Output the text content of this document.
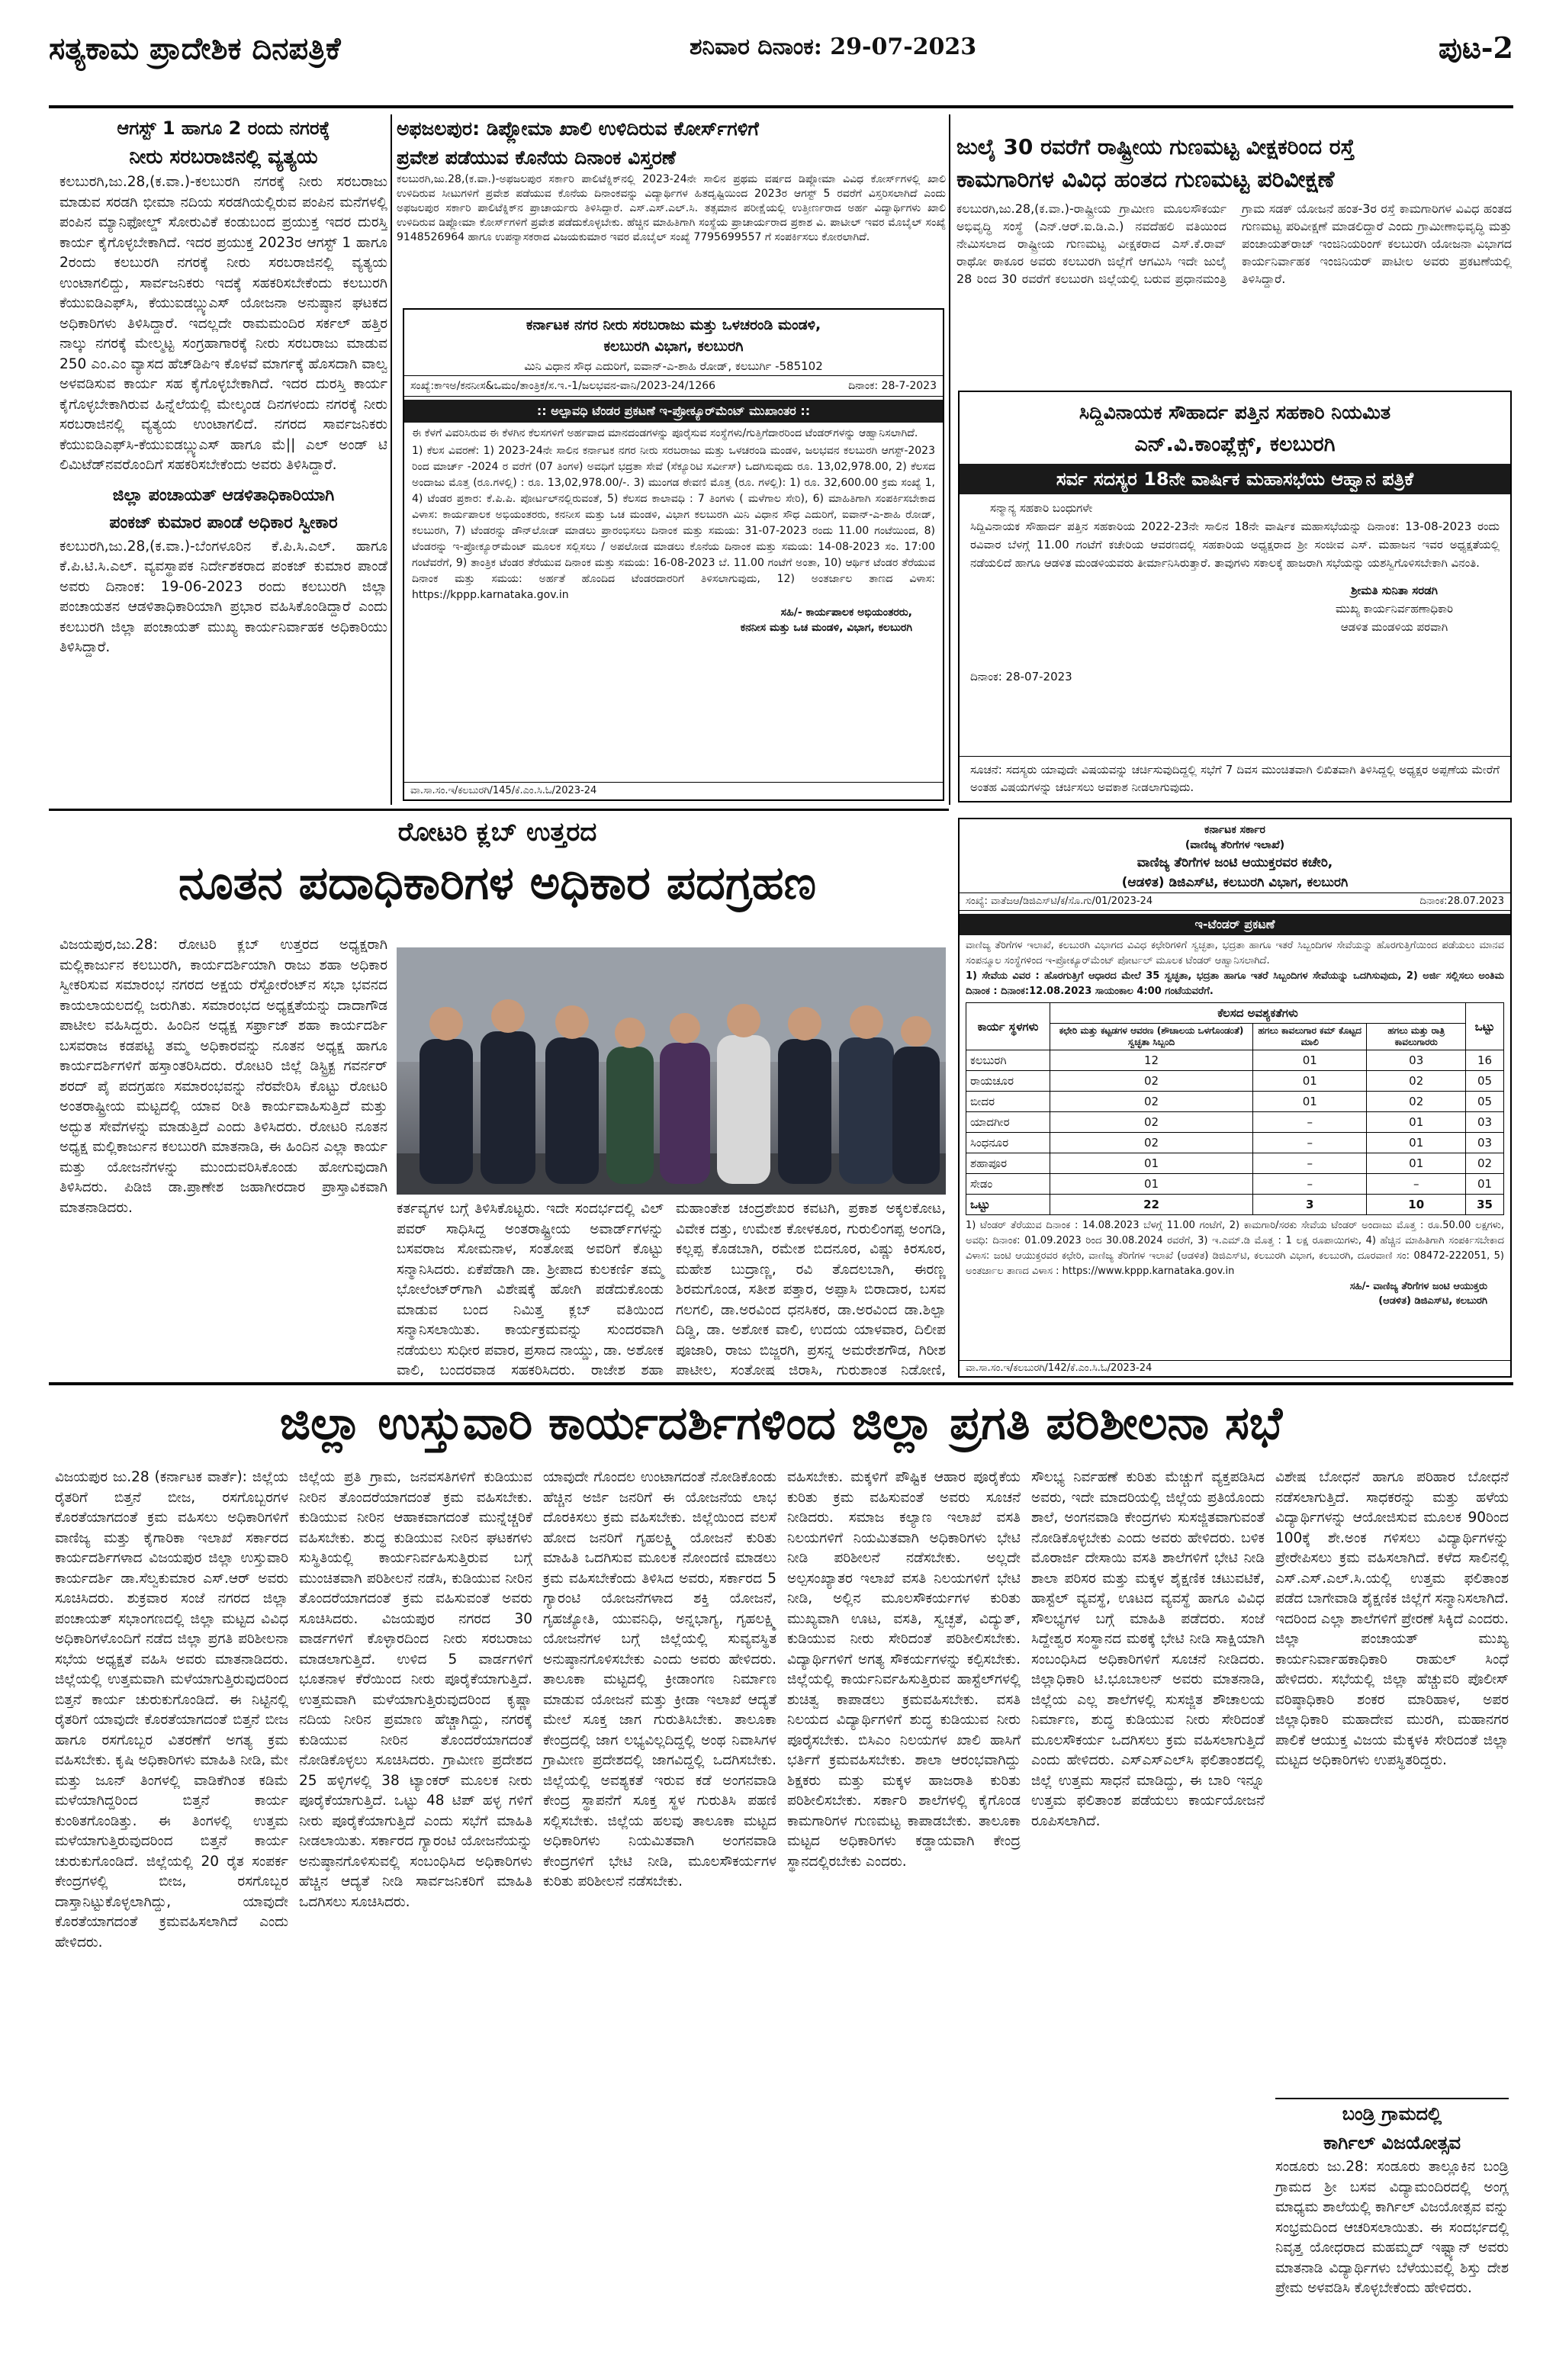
ಸತ್ಯಕಾಮ ಪ್ರಾದೇಶಿಕ ದಿನಪತ್ರಿಕೆ	ಶನಿವಾರ ದಿನಾಂಕ: 29-07-2023	ಪುಟ-2
ಆಗಸ್ಟ್ 1 ಹಾಗೂ 2 ರಂದು ನಗರಕ್ಕೆ
ನೀರು ಸರಬರಾಜಿನಲ್ಲಿ ವ್ಯತ್ಯಯ
ಕಲಬುರಗಿ,ಜು.28,(ಕ.ವಾ.)-ಕಲಬುರಗಿ ನಗರಕ್ಕೆ ನೀರು ಸರಬರಾಜು ಮಾಡುವ ಸರಡಗಿ ಭೀಮಾ ನದಿಯ ಸರಡಗಿಯಲ್ಲಿರುವ ಪಂಪಿನ ಮನೆಗಳಲ್ಲಿ ಪಂಪಿನ ಮ್ಯಾನಿಫೋಲ್ಡ್ ಸೋರುವಿಕೆ ಕಂಡುಬಂದ ಪ್ರಯುಕ್ತ ಇದರ ದುರಸ್ತಿ ಕಾರ್ಯ ಕೈಗೊಳ್ಳಬೇಕಾಗಿದೆ. ಇದರ ಪ್ರಯುಕ್ತ 2023ರ ಆಗಸ್ಟ್ 1 ಹಾಗೂ 2ರಂದು ಕಲಬುರಗಿ ನಗರಕ್ಕೆ ನೀರು ಸರಬರಾಜಿನಲ್ಲಿ ವ್ಯತ್ಯಯ ಉಂಟಾಗಲಿದ್ದು, ಸಾರ್ವಜನಿಕರು ಇದಕ್ಕೆ ಸಹಕರಿಸಬೇಕೆಂದು ಕಲಬುರಗಿ ಕೆಯುಐಡಿಎಫ್‌ಸಿ, ಕೆಯುಐಡಬ್ಲ್ಯುಎಸ್ ಯೋಜನಾ ಅನುಷ್ಠಾನ ಘಟಕದ ಅಧಿಕಾರಿಗಳು ತಿಳಿಸಿದ್ದಾರೆ. ಇದಲ್ಲದೇ ರಾಮಮಂದಿರ ಸರ್ಕಲ್ ಹತ್ತಿರ ನಾಲ್ಕು ನಗರಕ್ಕೆ ಮೇಲ್ಮಟ್ಟ ಸಂಗ್ರಹಾಗಾರಕ್ಕೆ ನೀರು ಸರಬರಾಜು ಮಾಡುವ 250 ಎಂ.ಎಂ ವ್ಯಾಸದ ಹೆಚ್‌ಡಿಪಿಇ ಕೊಳವೆ ಮಾರ್ಗಕ್ಕೆ ಹೊಸದಾಗಿ ವಾಲ್ವ ಅಳವಡಿಸುವ ಕಾರ್ಯ ಸಹ ಕೈಗೊಳ್ಳಬೇಕಾಗಿದೆ. ಇದರ ದುರಸ್ತಿ ಕಾರ್ಯ ಕೈಗೊಳ್ಳಬೇಕಾಗಿರುವ ಹಿನ್ನೆಲೆಯಲ್ಲಿ ಮೇಲ್ಕಂಡ ದಿನಗಳಂದು ನಗರಕ್ಕೆ ನೀರು ಸರಬರಾಜಿನಲ್ಲಿ ವ್ಯತ್ಯಯ ಉಂಟಾಗಲಿದೆ. ನಗರದ ಸಾರ್ವಜನಿಕರು ಕೆಯುಐಡಿಎಫ್‌ಸಿ-ಕೆಯುಐಡಬ್ಲ್ಯುಎಸ್ ಹಾಗೂ ಮೆ|| ಎಲ್ ಅಂಡ್ ಟಿ ಲಿಮಿಟೆಡ್‌ನವರೊಂದಿಗೆ ಸಹಕರಿಸಬೇಕೆಂದು ಅವರು ತಿಳಿಸಿದ್ದಾರೆ.
ಜಿಲ್ಲಾ ಪಂಚಾಯತ್ ಆಡಳಿತಾಧಿಕಾರಿಯಾಗಿ
ಪಂಕಜ್ ಕುಮಾರ ಪಾಂಡೆ ಅಧಿಕಾರ ಸ್ವೀಕಾರ
ಕಲಬುರಗಿ,ಜು.28,(ಕ.ವಾ.)-ಬೆಂಗಳೂರಿನ ಕೆ.ಪಿ.ಸಿ.ಎಲ್. ಹಾಗೂ ಕೆ.ಪಿ.ಟಿ.ಸಿ.ಎಲ್. ವ್ಯವಸ್ಥಾಪಕ ನಿರ್ದೇಶಕರಾದ ಪಂಕಜ್ ಕುಮಾರ ಪಾಂಡೆ ಅವರು ದಿನಾಂಕ: 19-06-2023 ರಂದು ಕಲಬುರಗಿ ಜಿಲ್ಲಾ ಪಂಚಾಯತನ ಆಡಳಿತಾಧಿಕಾರಿಯಾಗಿ ಪ್ರಭಾರ ವಹಿಸಿಕೊಂಡಿದ್ದಾರೆ ಎಂದು ಕಲಬುರಗಿ ಜಿಲ್ಲಾ ಪಂಚಾಯತ್ ಮುಖ್ಯ ಕಾರ್ಯನಿರ್ವಾಹಕ ಅಧಿಕಾರಿಯು ತಿಳಿಸಿದ್ದಾರೆ.
ಅಫಜಲಪುರ: ಡಿಪ್ಲೋಮಾ ಖಾಲಿ ಉಳಿದಿರುವ ಕೋರ್ಸ್‌ಗಳಿಗೆ
ಪ್ರವೇಶ ಪಡೆಯುವ ಕೊನೆಯ ದಿನಾಂಕ ವಿಸ್ತರಣೆ
ಕಲಬುರಗಿ,ಜು.28,(ಕ.ವಾ.)-ಅಫಜಲಪುರ ಸರ್ಕಾರಿ ಪಾಲಿಟೆಕ್ನಿಕ್‌ನಲ್ಲಿ 2023-24ನೇ ಸಾಲಿನ ಪ್ರಥಮ ವರ್ಷದ ಡಿಪ್ಲೋಮಾ ವಿವಿಧ ಕೋರ್ಸ್‌ಗಳಲ್ಲಿ ಖಾಲಿ ಉಳಿದಿರುವ ಸೀಟುಗಳಿಗೆ ಪ್ರವೇಶ ಪಡೆಯುವ ಕೊನೆಯ ದಿನಾಂಕವನ್ನು ವಿದ್ಯಾರ್ಥಿಗಳ ಹಿತದೃಷ್ಟಿಯಿಂದ 2023ರ ಆಗಸ್ಟ್ 5 ರವರೆಗೆ ವಿಸ್ತರಿಸಲಾಗಿದೆ ಎಂದು ಅಫಜಲಪುರ ಸರ್ಕಾರಿ ಪಾಲಿಟೆಕ್ನಿಕ್‌ನ ಪ್ರಾಚಾರ್ಯರು ತಿಳಿಸಿದ್ದಾರೆ. ಎಸ್.ಎಸ್.ಎಲ್.ಸಿ. ತತ್ಸಮಾನ ಪರೀಕ್ಷೆಯಲ್ಲಿ ಉತ್ತೀರ್ಣರಾದ ಅರ್ಹ ವಿದ್ಯಾರ್ಥಿಗಳು ಖಾಲಿ ಉಳಿದಿರುವ ಡಿಪ್ಲೋಮಾ ಕೋರ್ಸ್‌ಗಳಿಗೆ ಪ್ರವೇಶ ಪಡೆದುಕೊಳ್ಳಬೇಕು. ಹೆಚ್ಚಿನ ಮಾಹಿತಿಗಾಗಿ ಸಂಸ್ಥೆಯ ಪ್ರಾಚಾರ್ಯರಾದ ಪ್ರಕಾಶ ವಿ. ಪಾಟೀಲ್ ಇವರ ಮೊಬೈಲ್ ಸಂಖ್ಯೆ 9148526964 ಹಾಗೂ ಉಪನ್ಯಾಸಕರಾದ ವಿಜಯಕುಮಾರ ಇವರ ಮೊಬೈಲ್ ಸಂಖ್ಯೆ 7795699557 ಗೆ ಸಂಪರ್ಕಿಸಲು ಕೋರಲಾಗಿದೆ.
ಕರ್ನಾಟಕ ನಗರ ನೀರು ಸರಬರಾಜು ಮತ್ತು ಒಳಚರಂಡಿ ಮಂಡಳಿ,
ಕಲಬುರಗಿ ವಿಭಾಗ, ಕಲಬುರಗಿ
ಮಿನಿ ವಿಧಾನ ಸೌಧ ಎದುರಿಗೆ, ಐವಾನ್-ಎ-ಶಾಹಿ ರೋಡ್, ಕಲಬುರ್ಗಿ -585102
ಸಂಖ್ಯೆ:ಕಾಇಅ/ಕನನೀಸ&ಒಮಂ/ತಾಂತ್ರಿಕ/ಸ.ಇ.-1/ಜಲಭವನ-ವಾನಿ/2023-24/1266	ದಿನಾಂಕ: 28-7-2023
:: ಅಲ್ಪಾವಧಿ ಟೆಂಡರ ಪ್ರಕಟಣೆ ಇ-ಪ್ರೋಕ್ಯೂರ್‌ಮೆಂಟ್ ಮುಖಾಂತರ ::
ಈ ಕೆಳಗೆ ವಿವರಿಸಿರುವ ಈ ಕೆಳಗಿನ ಕೆಲಸಗಳಿಗೆ ಅರ್ಹವಾದ ಮಾನದಂಡಗಳನ್ನು ಪೂರೈಸುವ ಸಂಸ್ಥೆಗಳು/ಗುತ್ತಿಗೆದಾರರಿಂದ ಟೆಂಡರ್‌ಗಳನ್ನು ಆಹ್ವಾನಿಸಲಾಗಿದೆ.
1) ಕೆಲಸ ವಿವರಣೆ: 1) 2023-24ನೇ ಸಾಲಿನ ಕರ್ನಾಟಕ ನಗರ ನೀರು ಸರಬರಾಜು ಮತ್ತು ಒಳಚರಂಡಿ ಮಂಡಳಿ, ಜಲಭವನ ಕಲಬುರಗಿ ಆಗಸ್ಟ್-2023 ರಿಂದ ಮಾರ್ಚ್ -2024 ರ ವರೆಗೆ (07 ತಿಂಗಳ) ಅವಧಿಗೆ ಭದ್ರತಾ ಸೇವೆ (ಸೆಕ್ಯೂರಿಟಿ ಸರ್ವೀಸ್) ಒದಗಿಸುವುದು ರೂ. 13,02,978.00, 2) ಕೆಲಸದ ಅಂದಾಜು ಮೊತ್ತ (ರೂ.ಗಳಲ್ಲಿ) : ರೂ. 13,02,978.00/-. 3) ಮುಂಗಡ ಠೇವಣಿ ಮೊತ್ತ (ರೂ. ಗಳಲ್ಲಿ): 1) ರೂ. 32,600.00 ಕ್ರಮ ಸಂಖ್ಯೆ 1, 4) ಟೆಂಡರ ಪ್ರಕಾರ: ಕೆ.ಪಿ.ಪಿ. ಪೋರ್ಟಲ್‌ನಲ್ಲಿರುವಂತೆ, 5) ಕೆಲಸದ ಕಾಲಾವಧಿ : 7 ತಿಂಗಳು ( ಮಳೆಗಾಲ ಸೇರಿ), 6) ಮಾಹಿತಿಗಾಗಿ ಸಂಪರ್ಕಿಸಬೇಕಾದ ವಿಳಾಸ: ಕಾರ್ಯಪಾಲಕ ಅಭಿಯಂತರರು, ಕನನೀಸ ಮತ್ತು ಒಚ ಮಂಡಳಿ, ವಿಭಾಗ ಕಲಬುರಗಿ ಮಿನಿ ವಿಧಾನ ಸೌಧ ಎದುರಿಗೆ, ಐವಾನ್-ಎ-ಶಾಹಿ ರೋಡ್, ಕಲಬುರಗಿ, 7) ಟೆಂಡರನ್ನು ಡೌನ್‌ಲೋಡ್ ಮಾಡಲು ಪ್ರಾರಂಭಿಸಲು ದಿನಾಂಕ ಮತ್ತು ಸಮಯ: 31-07-2023 ರಂದು 11.00 ಗಂಟೆಯಿಂದ, 8) ಟೆಂಡರನ್ನು ಇ-ಪ್ರೋಕ್ಯೂರ್‌ಮೆಂಟ್ ಮೂಲಕ ಸಲ್ಲಿಸಲು / ಅಪಲೋಡ ಮಾಡಲು ಕೊನೆಯ ದಿನಾಂಕ ಮತ್ತು ಸಮಯ: 14-08-2023 ಸಂ. 17:00 ಗಂಟೆವರೆಗೆ, 9) ತಾಂತ್ರಿಕ ಟೆಂಡರ ತೆರೆಯುವ ದಿನಾಂಕ ಮತ್ತು ಸಮಯ: 16-08-2023 ಬೆ. 11.00 ಗಂಟೆಗೆ ಅಂತಾ, 10) ಆರ್ಥಿಕ ಟೆಂಡರ ತೆರೆಯುವ ದಿನಾಂಕ ಮತ್ತು ಸಮಯ: ಅರ್ಹತೆ ಹೊಂದಿದ ಟೆಂಡರದಾರರಿಗೆ ತಿಳಿಸಲಾಗುವುದು, 12) ಅಂತರ್ಜಾಲ ತಾಣದ ವಿಳಾಸ: https://kppp.karnataka.gov.in
ಸಹಿ/- ಕಾರ್ಯಪಾಲಕ ಅಭಿಯಂತರರು,
ಕನನೀಸ ಮತ್ತು ಒಚ ಮಂಡಳಿ, ವಿಭಾಗ, ಕಲಬುರಗಿ
ವಾ.ಸಾ.ಸಂ.ಇ/ಕಲಬುರಗಿ/145/ಕೆ.ಎಂ.ಸಿ.ಓ/2023-24
ಜುಲೈ 30 ರವರೆಗೆ ರಾಷ್ಟ್ರೀಯ ಗುಣಮಟ್ಟ ವೀಕ್ಷಕರಿಂದ ರಸ್ತೆ
ಕಾಮಗಾರಿಗಳ ವಿವಿಧ ಹಂತದ ಗುಣಮಟ್ಟ ಪರಿವೀಕ್ಷಣೆ
ಕಲಬುರಗಿ,ಜು.28,(ಕ.ವಾ.)-ರಾಷ್ಟ್ರೀಯ ಗ್ರಾಮೀಣ ಮೂಲಸೌಕರ್ಯ ಅಭಿವೃದ್ಧಿ ಸಂಸ್ಥೆ (ಎನ್.ಆರ್.ಐ.ಡಿ.ಎ.) ನವದೆಹಲಿ ವತಿಯಿಂದ ನೇಮಿಸಲಾದ ರಾಷ್ಟ್ರೀಯ ಗುಣಮಟ್ಟ ವೀಕ್ಷಕರಾದ ಎಸ್.ಕೆ.ರಾವ್ ರಾಥೋ ಠಾಕೂರ ಅವರು ಕಲಬುರಗಿ ಜಿಲ್ಲೆಗೆ ಆಗಮಿಸಿ ಇದೇ ಜುಲೈ 28 ರಿಂದ 30 ರವರೆಗೆ ಕಲಬುರಗಿ ಜಿಲ್ಲೆಯಲ್ಲಿ ಬರುವ ಪ್ರಧಾನಮಂತ್ರಿ ಗ್ರಾಮ ಸಡಕ್ ಯೋಜನೆ ಹಂತ-3ರ ರಸ್ತೆ ಕಾಮಗಾರಿಗಳ ವಿವಿಧ ಹಂತದ ಗುಣಮಟ್ಟ ಪರಿವೀಕ್ಷಣೆ ಮಾಡಲಿದ್ದಾರೆ ಎಂದು ಗ್ರಾಮೀಣಾಭಿವೃದ್ಧಿ ಮತ್ತು ಪಂಚಾಯತ್‌ರಾಜ್ ಇಂಜಿನಿಯರಿಂಗ್ ಕಲಬುರಗಿ ಯೋಜನಾ ವಿಭಾಗದ ಕಾರ್ಯನಿರ್ವಾಹಕ ಇಂಜಿನಿಯರ್ ಪಾಟೀಲ ಅವರು ಪ್ರಕಟಣೆಯಲ್ಲಿ ತಿಳಿಸಿದ್ದಾರೆ.
ಸಿದ್ದಿವಿನಾಯಕ ಸೌಹಾರ್ದ ಪತ್ತಿನ ಸಹಕಾರಿ ನಿಯಮಿತ
ಎನ್.ವಿ.ಕಾಂಪ್ಲೆಕ್ಸ್, ಕಲಬುರಗಿ
ಸರ್ವ ಸದಸ್ಯರ 18ನೇ ವಾರ್ಷಿಕ ಮಹಾಸಭೆಯ ಆಹ್ವಾನ ಪತ್ರಿಕೆ
ಸನ್ಮಾನ್ಯ ಸಹಕಾರಿ ಬಂಧುಗಳೇ
ಸಿದ್ದಿವಿನಾಯಕ ಸೌಹಾರ್ದ ಪತ್ತಿನ ಸಹಕಾರಿಯ 2022-23ನೇ ಸಾಲಿನ 18ನೇ ವಾರ್ಷಿಕ ಮಹಾಸಭೆಯನ್ನು ದಿನಾಂಕ: 13-08-2023 ರಂದು ರವಿವಾರ ಬೆಳಗ್ಗೆ 11.00 ಗಂಟೆಗೆ ಕಚೇರಿಯ ಆವರಣದಲ್ಲಿ ಸಹಕಾರಿಯ ಅಧ್ಯಕ್ಷರಾದ ಶ್ರೀ ಸಂಜೀವ ಎಸ್. ಮಹಾಜನ ಇವರ ಅಧ್ಯಕ್ಷತೆಯಲ್ಲಿ ನಡೆಯಲಿದೆ ಹಾಗೂ ಆಡಳಿತ ಮಂಡಳಿಯವರು ತೀರ್ಮಾನಿಸಿರುತ್ತಾರೆ. ತಾವುಗಳು ಸಕಾಲಕ್ಕೆ ಹಾಜರಾಗಿ ಸಭೆಯನ್ನು ಯಶಸ್ವಿಗೊಳಿಸಬೇಕಾಗಿ ವಿನಂತಿ.
ಶ್ರೀಮತಿ ಸುನಿತಾ ಸರಡಗಿ
ಮುಖ್ಯ ಕಾರ್ಯನಿರ್ವಹಣಾಧಿಕಾರಿ
ಆಡಳಿತ ಮಂಡಳಿಯ ಪರವಾಗಿ
ದಿನಾಂಕ: 28-07-2023
ಸೂಚನೆ: ಸದಸ್ಯರು ಯಾವುದೇ ವಿಷಯವನ್ನು ಚರ್ಚಿಸುವುದಿದ್ದಲ್ಲಿ ಸಭೆಗೆ 7 ದಿವಸ ಮುಂಚಿತವಾಗಿ ಲಿಖಿತವಾಗಿ ತಿಳಿಸಿದ್ದಲ್ಲಿ ಅಧ್ಯಕ್ಷರ ಅಪ್ಪಣೆಯ ಮೇರೆಗೆ ಅಂತಹ ವಿಷಯಗಳನ್ನು ಚರ್ಚಿಸಲು ಅವಕಾಶ ನೀಡಲಾಗುವುದು.
ರೋಟರಿ ಕ್ಲಬ್ ಉತ್ತರದ
ನೂತನ ಪದಾಧಿಕಾರಿಗಳ ಅಧಿಕಾರ ಪದಗ್ರಹಣ
ವಿಜಯಪುರ,ಜು.28: ರೋಟರಿ ಕ್ಲಬ್ ಉತ್ತರದ ಅಧ್ಯಕ್ಷರಾಗಿ ಮಲ್ಲಿಕಾರ್ಜುನ ಕಲಬುರಗಿ, ಕಾರ್ಯದರ್ಶಿಯಾಗಿ ರಾಜು ಶಹಾ ಅಧಿಕಾರ ಸ್ವೀಕರಿಸುವ ಸಮಾರಂಭ ನಗರದ ಅಕ್ಷಯ ರೆಸ್ಟೋರೆಂಟ್‌ನ ಸಭಾ ಭವನದ ಕಾಯಲಾಯಲದಲ್ಲಿ ಜರುಗಿತು. ಸಮಾರಂಭದ ಅಧ್ಯಕ್ಷತೆಯನ್ನು ದಾದಾಗೌಡ ಪಾಟೀಲ ವಹಿಸಿದ್ದರು. ಹಿಂದಿನ ಅಧ್ಯಕ್ಷ ಸರ್ಫ್ರಾಜ್ ಶಹಾ ಕಾರ್ಯದರ್ಶಿ ಬಸವರಾಜ ಕಡಪಟ್ಟಿ ತಮ್ಮ ಅಧಿಕಾರವನ್ನು ನೂತನ ಅಧ್ಯಕ್ಷ ಹಾಗೂ ಕಾರ್ಯದರ್ಶಿಗಳಿಗೆ ಹಸ್ತಾಂತರಿಸಿದರು. ರೋಟರಿ ಜಿಲ್ಲೆ ಡಿಸ್ಟ್ರಿಕ್ಟ ಗವರ್ನರ್ ಶರದ್ ಪೈ ಪದಗ್ರಹಣ ಸಮಾರಂಭವನ್ನು ನೆರವೇರಿಸಿ ಕೊಟ್ಟು ರೋಟರಿ ಅಂತರಾಷ್ಟ್ರೀಯ ಮಟ್ಟದಲ್ಲಿ ಯಾವ ರೀತಿ ಕಾರ್ಯವಾಹಿಸುತ್ತಿದೆ ಮತ್ತು ಅದ್ಭುತ ಸೇವೆಗಳನ್ನು ಮಾಡುತ್ತಿದೆ ಎಂದು ತಿಳಿಸಿದರು. ರೋಟರಿ ನೂತನ ಅಧ್ಯಕ್ಷ ಮಲ್ಲಿಕಾರ್ಜುನ ಕಲಬುರಗಿ ಮಾತನಾಡಿ, ಈ ಹಿಂದಿನ ಎಲ್ಲಾ ಕಾರ್ಯ ಮತ್ತು ಯೋಜನೆಗಳನ್ನು ಮುಂದುವರಿಸಿಕೊಂಡು ಹೋಗುವುದಾಗಿ ತಿಳಿಸಿದರು. ಪಿಡಿಜಿ ಡಾ.ಪ್ರಾಣೇಶ ಜಹಾಗೀರದಾರ ಪ್ರಾಸ್ತಾವಿಕವಾಗಿ ಮಾತನಾಡಿದರು.	ಕರ್ತವ್ಯಗಳ ಬಗ್ಗೆ ತಿಳಿಸಿಕೊಟ್ಟರು. ಇದೇ ಸಂದರ್ಭದಲ್ಲಿ ವಿಲ್‌ ಪವರ್ ಸಾಧಿಸಿದ್ದ ಅಂತರಾಷ್ಟ್ರೀಯ ಅವಾರ್ಡ್‌ಗಳನ್ನು ಬಸವರಾಜ ಸೋಮನಾಳ, ಸಂತೋಷ ಅವರಿಗೆ ಕೊಟ್ಟು ಸನ್ಮಾನಿಸಿದರು. ಏಕೆಪೆಡಾಗಿ ಡಾ. ಶ್ರೀಪಾದ ಕುಲಕರ್ಣಿ ತಮ್ಮ ಭೋಲೆಂಟ್‌ರ್‌ಗಾಗಿ ವಿಶೇಷಕ್ಕೆ ಹೋಗಿ ಪಡೆದುಕೊಂಡು ಮಾಡುವ ಬಂದ ನಿಮಿತ್ತ ಕ್ಲಬ್ ವತಿಯಿಂದ ಸನ್ಮಾನಿಸಲಾಯಿತು. ಕಾರ್ಯಕ್ರಮವನ್ನು ಸುಂದರವಾಗಿ ನಡೆಯಲು ಸುಧೀರ ಪವಾರ, ಪ್ರಸಾದ ನಾಯ್ಡು, ಡಾ. ಅಶೋಕ ವಾಲಿ, ಬಂದರವಾಡ ಸಹಕರಿಸಿದರು. ರಾಜೇಶ ಶಹಾ
ಮಹಾಂತೇಶ ಚಂದ್ರಶೇಖರ ಕವಟಗಿ, ಪ್ರಕಾಶ ಅಕ್ಕಲಕೋಟ, ವಿವೇಕ ದತ್ತು, ಉಮೇಶ ಕೋಳಕೂರ, ಗುರುಲಿಂಗಪ್ಪ ಅಂಗಡಿ, ಕಲ್ಲಪ್ಪ ಕೊಡಬಾಗಿ, ರಮೇಶ ಬಿದನೂರ, ವಿಷ್ಣು ಕಿರಸೂರ, ಮಹೇಶ ಬುದ್ರಾಣ್ಣ, ರವಿ ತೊದಲಬಾಗಿ, ಈರಣ್ಣ ಶಿರಮಗೊಂಡ, ಸತೀಶ ಪತ್ತಾರ, ಅಪ್ಪಾಸಿ ಬಿರಾದಾರ, ಬಸವ ಗಲಗಲಿ, ಡಾ.ಅರವಿಂದ ಧನಸಿಕರ, ಡಾ.ಅರವಿಂದ ಡಾ.ಶಿಲ್ಪಾ ದಿಡ್ಡಿ, ಡಾ. ಅಶೋಕ ವಾಲಿ, ಉದಯ ಯಾಳವಾರ, ದಿಲೀಪ ಪೂಜಾರಿ, ರಾಜು ಬಿಜ್ಜರಗಿ, ಪ್ರಸನ್ನ ಅಮರೇಶಗೌಡ, ಗಿರೀಶ ಪಾಟೀಲ, ಸಂತೋಷ ಜಿರಾಸಿ, ಗುರುಶಾಂತ ನಿಡೋಣಿ,
ಕರ್ನಾಟಕ ಸರ್ಕಾರ
(ವಾಣಿಜ್ಯ ತೆರಿಗೆಗಳ ಇಲಾಖೆ)
ವಾಣಿಜ್ಯ ತೆರಿಗೆಗಳ ಜಂಟಿ ಆಯುಕ್ತರವರ ಕಚೇರಿ,
(ಆಡಳಿತ) ಡಿಜಿಎಸ್‌ಟಿ, ಕಲಬುರಗಿ ವಿಭಾಗ, ಕಲಬುರಗಿ
ಸಂಖ್ಯೆ: ವಾತೆಜಆ/ಡಿಜಿಎಸ್‌ಟಿ/ಕ/ಸೊ.ಗು/01/2023-24	ದಿನಾಂಕ:28.07.2023
ಇ-ಟೆಂಡರ್ ಪ್ರಕಟಣೆ
ವಾಣಿಜ್ಯ ತೆರಿಗೆಗಳ ಇಲಾಖೆ, ಕಲಬುರಗಿ ವಿಭಾಗದ ವಿವಿಧ ಕಛೇರಿಗಳಿಗೆ ಸ್ವಚ್ಛತಾ, ಭದ್ರತಾ ಹಾಗೂ ಇತರೆ ಸಿಬ್ಬಂದಿಗಳ ಸೇವೆಯನ್ನು ಹೊರಗುತ್ತಿಗೆಯಿಂದ ಪಡೆಯಲು ಮಾನವ ಸಂಪನ್ಮೂಲ ಸಂಸ್ಥೆಗಳಿಂದ ಇ-ಪ್ರೋಕ್ಯೂರ್‌ಮೆಂಟ್ ಪೋರ್ಟಲ್ ಮೂಲಕ ಟೆಂಡರ್ ಆಹ್ವಾನಿಸಲಾಗಿದೆ.
1) ಸೇವೆಯ ವಿವರ : ಹೊರಗುತ್ತಿಗೆ ಆಧಾರದ ಮೇಲೆ 35 ಸ್ವಚ್ಛತಾ, ಭದ್ರತಾ ಹಾಗೂ ಇತರೆ ಸಿಬ್ಬಂದಿಗಳ ಸೇವೆಯನ್ನು ಒದಗಿಸುವುದು, 2) ಅರ್ಜಿ ಸಲ್ಲಿಸಲು ಅಂತಿಮ ದಿನಾಂಕ : ದಿನಾಂಕ:12.08.2023 ಸಾಯಂಕಾಲ 4:00 ಗಂಟೆಯವರೆಗೆ.
ಕಾರ್ಯ ಸ್ಥಳಗಳು	ಕೆಲಸದ ಅವಶ್ಯಕತೆಗಳು			ಒಟ್ಟು
	ಕಛೇರಿ ಮತ್ತು ಕಟ್ಟಡಗಳ ಆವರಣ (ಶೌಚಾಲಯ ಒಳಗೊಂಡಂತೆ) ಸ್ವಚ್ಛತಾ ಸಿಬ್ಬಂದಿ	ಹಗಲು ಕಾವಲುಗಾರ ಕಮ್ ಕೊಟ್ಟದ ಮಾಲಿ	ಹಗಲು ಮತ್ತು ರಾತ್ರಿ ಕಾವಲುಗಾರರು	
ಕಲಬುರಗಿ	12	01	03	16
ರಾಯಚೂರ	02	01	02	05
ಬೀದರ	02	01	02	05
ಯಾದಗೀರ	02	–	01	03
ಸಿಂಧನೂರ	02	–	01	03
ಶಹಾಪೂರ	01	–	01	02
ಸೇಡಂ	01	–	–	01
ಒಟ್ಟು	22	3	10	35
1) ಟೆಂಡರ್ ತೆರೆಯುವ ದಿನಾಂಕ : 14.08.2023 ಬೆಳಗ್ಗೆ 11.00 ಗಂಟೆಗೆ, 2) ಕಾಮಗಾರಿ/ಸರಕು ಸೇವೆಯ ಟೆಂಡರ್ ಅಂದಾಜು ಮೊತ್ತ : ರೂ.50.00 ಲಕ್ಷಗಳು, ಅವಧಿ: ದಿನಾಂಕ: 01.09.2023 ರಿಂದ 30.08.2024 ರವರೆಗೆ, 3) ಇ.ಎಮ್.ಡಿ ಮೊತ್ತ : 1 ಲಕ್ಷ ರೂಪಾಯಿಗಳು, 4) ಹೆಚ್ಚಿನ ಮಾಹಿತಿಗಾಗಿ ಸಂಪರ್ಕಿಸಬೇಕಾದ ವಿಳಾಸ: ಜಂಟಿ ಆಯುಕ್ತರವರ ಕಛೇರಿ, ವಾಣಿಜ್ಯ ತೆರಿಗೆಗಳ ಇಲಾಖೆ (ಆಡಳಿತ) ಡಿಜಿಎಸ್‌ಟಿ, ಕಲಬುರಗಿ ವಿಭಾಗ, ಕಲಬುರಗಿ, ದೂರವಾಣಿ ಸಂ: 08472-222051, 5) ಅಂತರ್ಜಾಲ ತಾಣದ ವಿಳಾಸ : https://www.kppp.karnataka.gov.in
ಸಹಿ/- ವಾಣಿಜ್ಯ ತೆರಿಗೆಗಳ ಜಂಟಿ ಆಯುಕ್ತರು
(ಆಡಳಿತ) ಡಿಜಿಎಸ್‌ಟಿ, ಕಲಬುರಗಿ
ವಾ.ಸಾ.ಸಂ.ಇ/ಕಲಬುರಗಿ/142/ಕೆ.ಎಂ.ಸಿ.ಓ/2023-24
ಜಿಲ್ಲಾ ಉಸ್ತುವಾರಿ ಕಾರ್ಯದರ್ಶಿಗಳಿಂದ ಜಿಲ್ಲಾ ಪ್ರಗತಿ ಪರಿಶೀಲನಾ ಸಭೆ
ವಿಜಯಪುರ ಜು.28 (ಕರ್ನಾಟಕ ವಾರ್ತೆ): ಜಿಲ್ಲೆಯ ರೈತರಿಗೆ ಬಿತ್ತನೆ ಬೀಜ, ರಸಗೊಬ್ಬರಗಳ ಕೊರತೆಯಾಗದಂತೆ ಕ್ರಮ ವಹಿಸಲು ಅಧಿಕಾರಿಗಳಿಗೆ ವಾಣಿಜ್ಯ ಮತ್ತು ಕೈಗಾರಿಕಾ ಇಲಾಖೆ ಸರ್ಕಾರದ ಕಾರ್ಯದರ್ಶಿಗಳಾದ ವಿಜಯಪುರ ಜಿಲ್ಲಾ ಉಸ್ತುವಾರಿ ಕಾರ್ಯದರ್ಶಿ ಡಾ.ಸೆಲ್ವಕುಮಾರ ಎಸ್.ಆರ್ ಅವರು ಸೂಚಿಸಿದರು. ಶುಕ್ರವಾರ ಸಂಜೆ ನಗರದ ಜಿಲ್ಲಾ ಪಂಚಾಯತ್ ಸಭಾಂಗಣದಲ್ಲಿ ಜಿಲ್ಲಾ ಮಟ್ಟದ ವಿವಿಧ ಅಧಿಕಾರಿಗಳೊಂದಿಗೆ ನಡೆದ ಜಿಲ್ಲಾ ಪ್ರಗತಿ ಪರಿಶೀಲನಾ ಸಭೆಯ ಅಧ್ಯಕ್ಷತೆ ವಹಿಸಿ ಅವರು ಮಾತನಾಡಿದರು. ಜಿಲ್ಲೆಯಲ್ಲಿ ಉತ್ತಮವಾಗಿ ಮಳೆಯಾಗುತ್ತಿರುವುದರಿಂದ ಬಿತ್ತನೆ ಕಾರ್ಯ ಚುರುಕುಗೊಂಡಿದೆ. ಈ ನಿಟ್ಟಿನಲ್ಲಿ ರೈತರಿಗೆ ಯಾವುದೇ ಕೊರತೆಯಾಗದಂತೆ ಬಿತ್ತನೆ ಬೀಜ ಹಾಗೂ ರಸಗೊಬ್ಬರ ವಿತರಣೆಗೆ ಅಗತ್ಯ ಕ್ರಮ ವಹಿಸಬೇಕು. ಕೃಷಿ ಅಧಿಕಾರಿಗಳು ಮಾಹಿತಿ ನೀಡಿ, ಮೇ ಮತ್ತು ಜೂನ್ ತಿಂಗಳಲ್ಲಿ ವಾಡಿಕೆಗಿಂತ ಕಡಿಮೆ ಮಳೆಯಾಗಿದ್ದರಿಂದ ಬಿತ್ತನೆ ಕಾರ್ಯ ಕುಂಠಿತಗೊಂಡಿತ್ತು. ಈ ತಿಂಗಳಲ್ಲಿ ಉತ್ತಮ ಮಳೆಯಾಗುತ್ತಿರುವುದರಿಂದ ಬಿತ್ತನೆ ಕಾರ್ಯ ಚುರುಕುಗೊಂಡಿದೆ. ಜಿಲ್ಲೆಯಲ್ಲಿ 20 ರೈತ ಸಂಪರ್ಕ ಕೇಂದ್ರಗಳಲ್ಲಿ ಬೀಜ, ರಸಗೊಬ್ಬರ ದಾಸ್ತಾನಿಟ್ಟುಕೊಳ್ಳಲಾಗಿದ್ದು, ಯಾವುದೇ ಕೊರತೆಯಾಗದಂತೆ ಕ್ರಮವಹಿಸಲಾಗಿದೆ ಎಂದು ಹೇಳಿದರು.
ಜಿಲ್ಲೆಯ ಪ್ರತಿ ಗ್ರಾಮ, ಜನವಸತಿಗಳಿಗೆ ಕುಡಿಯುವ ನೀರಿನ ತೊಂದರೆಯಾಗದಂತೆ ಕ್ರಮ ವಹಿಸಬೇಕು. ಕುಡಿಯುವ ನೀರಿನ ಆಹಾಕವಾಗದಂತೆ ಮುನ್ನೆಚ್ಚರಿಕೆ ವಹಿಸಬೇಕು. ಶುದ್ಧ ಕುಡಿಯುವ ನೀರಿನ ಘಟಕಗಳು ಸುಸ್ಥಿತಿಯಲ್ಲಿ ಕಾರ್ಯನಿರ್ವಹಿಸುತ್ತಿರುವ ಬಗ್ಗೆ ಮುಂಚಿತವಾಗಿ ಪರಿಶೀಲನೆ ನಡೆಸಿ, ಕುಡಿಯುವ ನೀರಿನ ತೊಂದರೆಯಾಗದಂತೆ ಕ್ರಮ ವಹಿಸುವಂತೆ ಅವರು ಸೂಚಿಸಿದರು. ವಿಜಯಪುರ ನಗರದ 30 ವಾರ್ಡಗಳಿಗೆ ಕೊಳ್ಳಾರದಿಂದ ನೀರು ಸರಬರಾಜು ಮಾಡಲಾಗುತ್ತಿದೆ. ಉಳಿದ 5 ವಾರ್ಡಗಳಿಗೆ ಭೂತನಾಳ ಕೆರೆಯಿಂದ ನೀರು ಪೂರೈಕೆಯಾಗುತ್ತಿದೆ. ಉತ್ತಮವಾಗಿ ಮಳೆಯಾಗುತ್ತಿರುವುದರಿಂದ ಕೃಷ್ಣಾ ನದಿಯ ನೀರಿನ ಪ್ರಮಾಣ ಹೆಚ್ಚಾಗಿದ್ದು, ನಗರಕ್ಕೆ ಕುಡಿಯುವ ನೀರಿನ ತೊಂದರೆಯಾಗದಂತೆ ನೋಡಿಕೊಳ್ಳಲು ಸೂಚಿಸಿದರು. ಗ್ರಾಮೀಣ ಪ್ರದೇಶದ 25 ಹಳ್ಳಿಗಳಲ್ಲಿ 38 ಟ್ಯಾಂಕರ್ ಮೂಲಕ ನೀರು ಪೂರೈಕೆಯಾಗುತ್ತಿದೆ. ಒಟ್ಟು 48 ಟಿಪ್ ಹಳ್ಳ ಗಳಿಗೆ ನೀರು ಪೂರೈಕೆಯಾಗುತ್ತಿದೆ ಎಂದು ಸಭೆಗೆ ಮಾಹಿತಿ ನೀಡಲಾಯಿತು. ಸರ್ಕಾರದ ಗ್ಯಾರಂಟಿ ಯೋಜನೆಯನ್ನು ಅನುಷ್ಠಾನಗೊಳಿಸುವಲ್ಲಿ ಸಂಬಂಧಿಸಿದ ಅಧಿಕಾರಿಗಳು ಹೆಚ್ಚಿನ ಆದ್ಯತೆ ನೀಡಿ ಸಾರ್ವಜನಿಕರಿಗೆ ಮಾಹಿತಿ ಒದಗಿಸಲು ಸೂಚಿಸಿದರು.
ಯಾವುದೇ ಗೊಂದಲ ಉಂಟಾಗದಂತೆ ನೋಡಿಕೊಂಡು ಹೆಚ್ಚಿನ ಅರ್ಜಿ ಜನರಿಗೆ ಈ ಯೋಜನೆಯ ಲಾಭ ದೊರಕಿಸಲು ಕ್ರಮ ವಹಿಸಬೇಕು. ಜಿಲ್ಲೆಯಿಂದ ವಲಸೆ ಹೋದ ಜನರಿಗೆ ಗೃಹಲಕ್ಷ್ಮಿ ಯೋಜನೆ ಕುರಿತು ಮಾಹಿತಿ ಒದಗಿಸುವ ಮೂಲಕ ನೋಂದಣಿ ಮಾಡಲು ಕ್ರಮ ವಹಿಸಬೇಕೆಂದು ತಿಳಿಸಿದ ಅವರು, ಸರ್ಕಾರದ 5 ಗ್ಯಾರಂಟಿ ಯೋಜನೆಗಳಾದ ಶಕ್ತಿ ಯೋಜನೆ, ಗೃಹಜ್ಯೋತಿ, ಯುವನಿಧಿ, ಅನ್ನಭಾಗ್ಯ, ಗೃಹಲಕ್ಷ್ಮಿ ಯೋಜನೆಗಳ ಬಗ್ಗೆ ಜಿಲ್ಲೆಯಲ್ಲಿ ಸುವ್ಯವಸ್ಥಿತ ಅನುಷ್ಠಾನಗೊಳಿಸಬೇಕು ಎಂದು ಅವರು ಹೇಳಿದರು. ತಾಲೂಕಾ ಮಟ್ಟದಲ್ಲಿ ಕ್ರೀಡಾಂಗಣ ನಿರ್ಮಾಣ ಮಾಡುವ ಯೋಜನೆ ಮತ್ತು ಕ್ರೀಡಾ ಇಲಾಖೆ ಆದ್ಯತೆ ಮೇಲೆ ಸೂಕ್ತ ಜಾಗ ಗುರುತಿಸಿಬೇಕು. ತಾಲೂಕಾ ಕೇಂದ್ರದಲ್ಲಿ ಜಾಗ ಲಭ್ಯವಿಲ್ಲದಿದ್ದಲ್ಲಿ ಅಂಥ ನಿವಾಸಿಗಳ ಗ್ರಾಮೀಣ ಪ್ರದೇಶದಲ್ಲಿ ಜಾಗವಿದ್ದಲ್ಲಿ ಒದಗಿಸಬೇಕು. ಜಿಲ್ಲೆಯಲ್ಲಿ ಅವಶ್ಯಕತೆ ಇರುವ ಕಡೆ ಅಂಗನವಾಡಿ ಕೇಂದ್ರ ಸ್ಥಾಪನೆಗೆ ಸೂಕ್ತ ಸ್ಥಳ ಗುರುತಿಸಿ ಪಹಣಿ ಸಲ್ಲಿಸಬೇಕು. ಜಿಲ್ಲೆಯ ಹಲವು ತಾಲೂಕಾ ಮಟ್ಟದ ಅಧಿಕಾರಿಗಳು ನಿಯಮಿತವಾಗಿ ಅಂಗನವಾಡಿ ಕೇಂದ್ರಗಳಿಗೆ ಭೇಟಿ ನೀಡಿ, ಮೂಲಸೌಕರ್ಯಗಳ ಕುರಿತು ಪರಿಶೀಲನೆ ನಡೆಸಬೇಕು.
ವಹಿಸಬೇಕು. ಮಕ್ಕಳಿಗೆ ಪೌಷ್ಟಿಕ ಆಹಾರ ಪೂರೈಕೆಯ ಕುರಿತು ಕ್ರಮ ವಹಿಸುವಂತೆ ಅವರು ಸೂಚನೆ ನೀಡಿದರು. ಸಮಾಜ ಕಲ್ಯಾಣ ಇಲಾಖೆ ವಸತಿ ನಿಲಯಗಳಿಗೆ ನಿಯಮಿತವಾಗಿ ಅಧಿಕಾರಿಗಳು ಭೇಟಿ ನೀಡಿ ಪರಿಶೀಲನೆ ನಡೆಸಬೇಕು. ಅಲ್ಲದೇ ಅಲ್ಪಸಂಖ್ಯಾತರ ಇಲಾಖೆ ವಸತಿ ನಿಲಯಗಳಿಗೆ ಭೇಟಿ ನೀಡಿ, ಅಲ್ಲಿನ ಮೂಲಸೌಕರ್ಯಗಳ ಕುರಿತು ಮುಖ್ಯವಾಗಿ ಊಟ, ವಸತಿ, ಸ್ವಚ್ಛತೆ, ವಿದ್ಯುತ್, ಕುಡಿಯುವ ನೀರು ಸೇರಿದಂತೆ ಪರಿಶೀಲಿಸಬೇಕು. ವಿದ್ಯಾರ್ಥಿಗಳಿಗೆ ಅಗತ್ಯ ಸೌಕರ್ಯಗಳನ್ನು ಕಲ್ಪಿಸಬೇಕು. ಜಿಲ್ಲೆಯಲ್ಲಿ ಕಾರ್ಯನಿರ್ವಹಿಸುತ್ತಿರುವ ಹಾಸ್ಟೆಲ್‌ಗಳಲ್ಲಿ ಶುಚಿತ್ವ ಕಾಪಾಡಲು ಕ್ರಮವಹಿಸಬೇಕು. ವಸತಿ ನಿಲಯದ ವಿದ್ಯಾರ್ಥಿಗಳಿಗೆ ಶುದ್ಧ ಕುಡಿಯುವ ನೀರು ಪೂರೈಸಬೇಕು. ಬಿಸಿಎಂ ನಿಲಯಗಳ ಖಾಲಿ ಹಾಸಿಗೆ ಭರ್ತಿಗೆ ಕ್ರಮವಹಿಸಬೇಕು. ಶಾಲಾ ಆರಂಭವಾಗಿದ್ದು ಶಿಕ್ಷಕರು ಮತ್ತು ಮಕ್ಕಳ ಹಾಜರಾತಿ ಕುರಿತು ಪರಿಶೀಲಿಸಬೇಕು. ಸರ್ಕಾರಿ ಶಾಲೆಗಳಲ್ಲಿ ಕೈಗೊಂಡ ಕಾಮಗಾರಿಗಳ ಗುಣಮಟ್ಟ ಕಾಪಾಡಬೇಕು. ತಾಲೂಕಾ ಮಟ್ಟದ ಅಧಿಕಾರಿಗಳು ಕಡ್ಡಾಯವಾಗಿ ಕೇಂದ್ರ ಸ್ಥಾನದಲ್ಲಿರಬೇಕು ಎಂದರು.
ಸೌಲಭ್ಯ ನಿರ್ವಹಣೆ ಕುರಿತು ಮೆಚ್ಚುಗೆ ವ್ಯಕ್ತಪಡಿಸಿದ ಅವರು, ಇದೇ ಮಾದರಿಯಲ್ಲಿ ಜಿಲ್ಲೆಯ ಪ್ರತಿಯೊಂದು ಶಾಲೆ, ಅಂಗನವಾಡಿ ಕೇಂದ್ರಗಳು ಸುಸಜ್ಜಿತವಾಗುವಂತೆ ನೋಡಿಕೊಳ್ಳಬೇಕು ಎಂದು ಅವರು ಹೇಳಿದರು. ಬಳಿಕ ಮೊರಾರ್ಜಿ ದೇಸಾಯಿ ವಸತಿ ಶಾಲೆಗಳಿಗೆ ಭೇಟಿ ನೀಡಿ ಶಾಲಾ ಪರಿಸರ ಮತ್ತು ಮಕ್ಕಳ ಶೈಕ್ಷಣಿಕ ಚಟುವಟಿಕೆ, ಹಾಸ್ಟೆಲ್ ವ್ಯವಸ್ಥೆ, ಊಟದ ವ್ಯವಸ್ಥೆ ಹಾಗೂ ವಿವಿಧ ಸೌಲಭ್ಯಗಳ ಬಗ್ಗೆ ಮಾಹಿತಿ ಪಡೆದರು. ಸಂಜೆ ಸಿದ್ದೇಶ್ವರ ಸಂಸ್ಥಾನದ ಮಠಕ್ಕೆ ಭೇಟಿ ನೀಡಿ ಸಾಕ್ಷಿಯಾಗಿ ಸಂಬಂಧಿಸಿದ ಅಧಿಕಾರಿಗಳಿಗೆ ಸೂಚನೆ ನೀಡಿದರು. ಜಿಲ್ಲಾಧಿಕಾರಿ ಟಿ.ಭೂಬಾಲನ್ ಅವರು ಮಾತನಾಡಿ, ಜಿಲ್ಲೆಯ ಎಲ್ಲ ಶಾಲೆಗಳಲ್ಲಿ ಸುಸಜ್ಜಿತ ಶೌಚಾಲಯ ನಿರ್ಮಾಣ, ಶುದ್ಧ ಕುಡಿಯುವ ನೀರು ಸೇರಿದಂತೆ ಮೂಲಸೌಕರ್ಯ ಒದಗಿಸಲು ಕ್ರಮ ವಹಿಸಲಾಗುತ್ತಿದೆ ಎಂದು ಹೇಳಿದರು. ಎಸ್‌ಎಸ್‌ಎಲ್‌ಸಿ ಫಲಿತಾಂಶದಲ್ಲಿ ಜಿಲ್ಲೆ ಉತ್ತಮ ಸಾಧನೆ ಮಾಡಿದ್ದು, ಈ ಬಾರಿ ಇನ್ನೂ ಉತ್ತಮ ಫಲಿತಾಂಶ ಪಡೆಯಲು ಕಾರ್ಯಯೋಜನೆ ರೂಪಿಸಲಾಗಿದೆ.
ವಿಶೇಷ ಬೋಧನೆ ಹಾಗೂ ಪರಿಹಾರ ಬೋಧನೆ ನಡೆಸಲಾಗುತ್ತಿದೆ. ಸಾಧಕರನ್ನು ಮತ್ತು ಹಳೆಯ ವಿದ್ಯಾರ್ಥಿಗಳನ್ನು ಆಯೋಜಿಸುವ ಮೂಲಕ 90ರಿಂದ 100ಕ್ಕೆ ಶೇ.ಅಂಕ ಗಳಿಸಲು ವಿದ್ಯಾರ್ಥಿಗಳನ್ನು ಪ್ರೇರೇಪಿಸಲು ಕ್ರಮ ವಹಿಸಲಾಗಿದೆ. ಕಳೆದ ಸಾಲಿನಲ್ಲಿ ಎಸ್.ಎಸ್.ಎಲ್.ಸಿ.ಯಲ್ಲಿ ಉತ್ತಮ ಫಲಿತಾಂಶ ಪಡೆದ ಬಾಗೇವಾಡಿ ಶೈಕ್ಷಣಿಕ ಜಿಲ್ಲೆಗೆ ಸನ್ಮಾನಿಸಲಾಗಿದೆ. ಇದರಿಂದ ಎಲ್ಲಾ ಶಾಲೆಗಳಿಗೆ ಪ್ರೇರಣೆ ಸಿಕ್ಕಿದೆ ಎಂದರು. ಜಿಲ್ಲಾ ಪಂಚಾಯತ್ ಮುಖ್ಯ ಕಾರ್ಯನಿರ್ವಾಹಕಾಧಿಕಾರಿ ರಾಹುಲ್ ಸಿಂಧೆ ಹೇಳಿದರು. ಸಭೆಯಲ್ಲಿ ಜಿಲ್ಲಾ ಹೆಚ್ಚುವರಿ ಪೊಲೀಸ್ ವರಿಷ್ಠಾಧಿಕಾರಿ ಶಂಕರ ಮಾರಿಹಾಳ, ಅಪರ ಜಿಲ್ಲಾಧಿಕಾರಿ ಮಹಾದೇವ ಮುರಗಿ, ಮಹಾನಗರ ಪಾಲಿಕೆ ಆಯುಕ್ತ ವಿಜಯ ಮೆಕ್ಕಳಕಿ ಸೇರಿದಂತೆ ಜಿಲ್ಲಾ ಮಟ್ಟದ ಅಧಿಕಾರಿಗಳು ಉಪಸ್ಥಿತರಿದ್ದರು.
ಬಂಡ್ರಿ ಗ್ರಾಮದಲ್ಲಿ
ಕಾರ್ಗಿಲ್ ವಿಜಯೋತ್ಸವ
ಸಂಡೂರು ಜು.28: ಸಂಡೂರು ತಾಲ್ಲೂಕಿನ ಬಂಡ್ರಿ ಗ್ರಾಮದ ಶ್ರೀ ಬಸವ ವಿದ್ಯಾಮಂದಿರದಲ್ಲಿ ಅಂಗ್ಲ ಮಾಧ್ಯಮ ಶಾಲೆಯಲ್ಲಿ ಕಾರ್ಗಿಲ್ ವಿಜಯೋತ್ಸವ ವನ್ನು ಸಂಭ್ರಮದಿಂದ ಆಚರಿಸಲಾಯಿತು. ಈ ಸಂದರ್ಭದಲ್ಲಿ ನಿವೃತ್ತ ಯೋಧರಾದ ಮಹಮ್ಮದ್ ಇಷ್ಟ್ಯಾನ್ ಅವರು ಮಾತನಾಡಿ ವಿದ್ಯಾರ್ಥಿಗಳು ಬೆಳೆಯುವಲ್ಲಿ ಶಿಸ್ತು ದೇಶ ಪ್ರೇಮ ಅಳವಡಿಸಿ ಕೊಳ್ಳಬೇಕೆಂದು ಹೇಳಿದರು.
